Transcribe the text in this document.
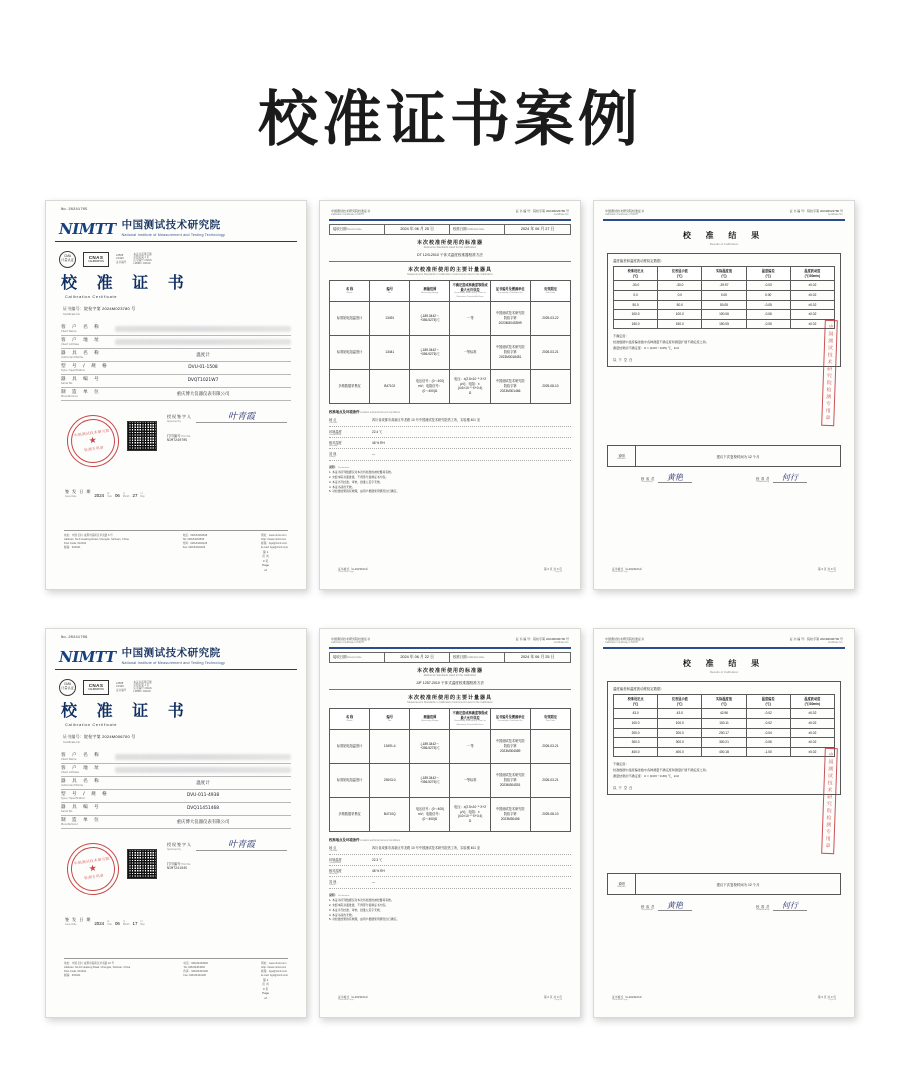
校准证书案例
No.20241705
NIMTT 中国测试技术研究院
National Institute of Measurement and Testing Technology
CMA
计量认证	CNAS
CALIBRATION
L0568
C0109
证书编号
本证书适用范围
见附页第 1 页
认可编号 CNAS
L0568 / C0109
校 准 证 书
Calibration Certificate
证书编号：院检字第 2024M023780 号
Certificate No.
客 户 名 称
Client Name
客 户 地 址
Client Address
器 具 名 称
Instrument Name	温度计
型 号 / 规 格
Type / Specification
DVU-01-1508
器 具 编 号
Serial No.
DVQT1021W7
制 造 单 位
Manufacturer	重庆博大仪器仪表有限公司
中国测试技术研究院
★
检测专用章
授权签字人
Approved by	叶青霞
打印编号 Print No.
NIMT240705
签 发 日 期
Issue Date	2024 年
Year 06 月
Month 27 日
Day
地址：中国·四川·成都市高新区华龙路 6 号
Address: No.6 Hualong Road, Chengdu, Sichuan, China
Post Code: 610041
邮编：610041
电话：028-84404546
Tel: 028-84404546
传真：028-84404106
Fax: 028-84404106
网址：www.nimtt.com
Http: //www.nimtt.com
邮箱：bgs@nimtt.com
E-mail: bgs@nimtt.com
第 1 页 共 3 页
Page of
中国测试技术研究院校准证书
Calibration Certificate of NIMTT
证 书 编 号：院检字第 2024M023780 号
Certificate No.
接收日期 Receive Date	2024 年 06 月 25 日	校准日期 Calibration Date	2024 年 06 月 27 日
本次校准所使用的标准器
Reference Standards Used for the Calibration
DT 12/3-2010 干体式温度校准器校准方法
本次校准所使用的主要计量器具
Measurement Standards in Calibration Instruments Used in the Calibration
名 称
Name	编号
No.	测量范围
Measuring Range	不确定度或准确度等级或最大允许误差
Uncertainty or Accuracy Class or Maximum Permissible Error	证书编号及溯源单位
Traceability Certificate No.	有效期至
Due Date

标准铂电阻温度计	13491	(-189.3442～
+356.5275)℃	一 等	中国测试技术研究院
院检字第
2023M304S5H9	2025-03-22
标准铂电阻温度计	13441	(-189.3442～
+356.5275)℃	一等标准	中国测试技术研究院
院检字第
2023M3018451	2026-03-21
多路数据采集仪	B47102	电压信号：(0～400)
mV；电阻信号：
(0～400)Ω	电压：±(2.6×10⁻⁵·X+2
μV)；电阻：±(4.6×10⁻⁵·X+0.4)
Ω	中国测试技术研究院
院检字第
2023M301466	2025-08-10
校准地点及环境条件 Location and Environment Conditions
地 点
Location
四川省成都市高新区华龙路 10 号中国测试技术研究院热工所，实验楼 401 室
环境温度
Temperature
22.4 ℃
相对湿度
Humidity
48 % RH
其 他
Others
—
说明： Declaration:
1. 本证书所列数据仅对本次所校准的被校器具有效。
2. 未经本院书面批准，不得部分复制证书内容。
3. 本证书无校准、审核、批准人签字无效。
4. 本证书涂改无效。
5. 对校准结果的有效期，由用户根据使用情况自行确定。
证书格式（A-20231011）
Continued Page
第 2 页 共 3 页
Page of
中国测试技术研究院校准证书
Calibration Certificate of NIMTT
证 书 编 号：院检字第 2024M023780 号
Certificate No.
校 准 结 果
Results of Calibration
温度偏差和温度波动度检定数据：
校准设定点
(℃)	仪表显示值
(℃)	实际温度值
(℃)	温度偏差
(℃)	温度波动度
(℃/30min)
-30.0	-30.0	-29.97	-0.03	±0.02
0.0	0.0	0.00	0.00	±0.02
50.0	50.0	50.05	-0.05	±0.02
100.0	100.0	100.06	-0.06	±0.02
150.0	150.0	150.05	-0.05	±0.02
不确定度：
校准数据中温度偏差数中各种测量不确定度和测量扩展不确定度之和。
测量结果的不确定度：U = (0.03～0.05) ℃，k=2
以下空白	中国测试技术研究院检测专用章
说明
Remarks	建议下次复校时间为 12 个月
核 验 员
Checked by	黄艳	校 准 员
Calibrated by	何行
证书格式（A-20231011）
Continued Page
第 3 页 共 3 页
Page of
No.20241709
NIMTT 中国测试技术研究院
National Institute of Measurement and Testing Technology
CMA
计量认证	CNAS
CALIBRATION
L0568
C0109
证书编号
本证书适用范围
见附页第 1 页
认可编号 CNAS
L0568 / C0109
校 准 证 书
Calibration Certificate
证书编号：院检字第 2024M006700 号
Certificate No.
客 户 名 称
Client Name
客 户 地 址
Client Address
器 具 名 称
Instrument Name	温度计
型 号 / 规 格
Type / Specification
DVU-011-4938
器 具 编 号
Serial No.
DVQ11451468
制 造 单 位
Manufacturer	重庆博大仪器仪表有限公司
中国测试技术研究院
★
检测专用章
授权签字人
Approved by	叶青霞
打印编号 Print No.
NIMT241045
签 发 日 期
Issue Date	2024 年
Year 06 月
Month 17 日
Day
地址：中国·四川·成都市高新区华龙路 10 号
Address: No.10 Hualong Road, Chengdu, Sichuan, China
Post Code: 610041
邮编：610041
电话：028-84404546
Tel: 028-84404546
传真：028-84404106
Fax: 028-84404106
网址：www.nimtt.com
Http: //www.nimtt.com
邮箱：bgs@nimtt.com
E-mail: bgs@nimtt.com
第 1 页 共 3 页
Page of
中国测试技术研究院校准证书
Calibration Certificate of NIMTT
证 书 编 号：院检字第 2024M006700 号
Certificate No.
接收日期 Receive Date	2024 年 06 月 22 日	校准日期 Calibration Date	2024 年 06 月 25 日
本次校准所使用的标准器
Reference Standards Used for the Calibration
JJF 1257-2010 干体式温度校准器校准方法
本次校准所使用的主要计量器具
Measurement Standards in Calibration Instruments Used in the Calibration
名 称
Name	编号
No.	测量范围
Measuring Range	不确定度或准确度等级或最大允许误差
Uncertainty or Accuracy Class or Maximum Permissible Error	证书编号及溯源单位
Traceability Certificate No.	有效期至
Due Date

标准铂电阻温度计	13491-4	(-189.3442～
+356.5275)℃	一 等	中国测试技术研究院
院检字第
2023M304589	2026-03-21
标准铂电阻温度计	23003-0	(-189.3442～
+356.5275)℃	一等标准	中国测试技术研究院
院检字第
2023M304S51	2026-03-21
多路数据采集仪	B4710Q	电压信号：(0～400)
mV；电阻信号：
(0～400)Ω	电压：±(2.5×10⁻⁵·X+2
μV)；电阻：±(4.0×10⁻⁵·X+0.4)
Ω	中国测试技术研究院
院检字第
2023M30456	2025-08-10
校准地点及环境条件 Location and Environment Conditions
地 点
Location
四川省成都市高新区华龙路 10 号中国测试技术研究院热工所，实验楼 401 室
环境温度
Temperature
22.3 ℃
相对湿度
Humidity
48 % RH
其 他
Others
—
说明： Declaration:
1. 本证书所列数据仅对本次所校准的被校器具有效。
2. 未经本院书面批准，不得部分复制证书内容。
3. 本证书无校准、审核、批准人签字无效。
4. 本证书涂改无效。
5. 对校准结果的有效期，由用户根据使用情况自行确定。
证书格式（A-20231011）
Continued Page
第 2 页 共 3 页
Page of
中国测试技术研究院校准证书
Calibration Certificate of NIMTT
证 书 编 号：院检字第 2024M006700 号
Certificate No.
校 准 结 果
Results of Calibration
温度偏差和温度波动度检定数据：
校准设定点
(℃)	仪表显示值
(℃)	实际温度值
(℃)	温度偏差
(℃)	温度波动度
(℃/30min)
43.0	43.0	42.96	-0.02	±0.02
100.0	100.0	100.11	-0.02	±0.02
200.0	200.0	200.17	-0.04	±0.02
300.0	300.0	300.21	-0.06	±0.02
400.0	400.0	400.18	-1.00	±0.02
不确定度：
校准数据中温度偏差数中各种测量不确定度和测量扩展不确定度之和。
测量结果的不确定度：U = (0.03～0.30) ℃，k=2
以下空白	中国测试技术研究院检测专用章
说明
Remarks	建议下次复校时间为 12 个月
核 验 员
Checked by	黄艳	校 准 员
Calibrated by	何行
证书格式（A-20231011）
Continued Page
第 3 页 共 3 页
Page of
